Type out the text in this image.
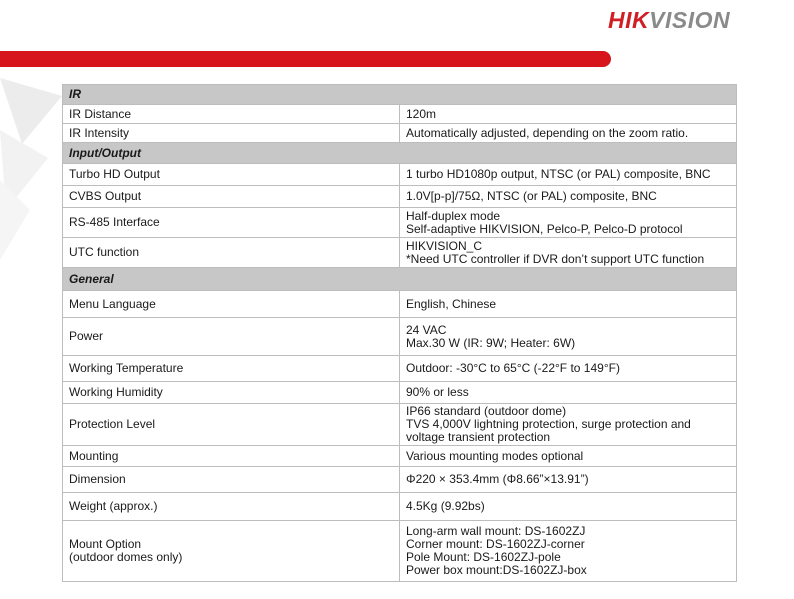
HIKVISION
IR	

IR Distance	120m

IR Intensity	Automatically adjusted, depending on the zoom ratio.

Input/Output	

Turbo HD Output	1 turbo HD1080p output, NTSC (or PAL) composite, BNC

CVBS Output	1.0V[p-p]/75Ω, NTSC (or PAL) composite, BNC

RS-485 Interface	Half-duplex mode
Self-adaptive HIKVISION, Pelco-P, Pelco-D protocol

UTC function	HIKVISION_C
*Need UTC controller if DVR don’t support UTC function

General	

Menu Language	English, Chinese

Power	24 VAC
Max.30 W (IR: 9W; Heater: 6W)

Working Temperature	Outdoor: -30°C to 65°C (-22°F to 149°F)

Working Humidity	90% or less

Protection Level	IP66 standard (outdoor dome)
TVS 4,000V lightning protection, surge protection and voltage transient protection

Mounting	Various mounting modes optional

Dimension	Φ220 × 353.4mm (Φ8.66”×13.91”)

Weight (approx.)	4.5Kg (9.92bs)

Mount Option
(outdoor domes only)	Long-arm wall mount: DS-1602ZJ
Corner mount: DS-1602ZJ-corner
Pole Mount: DS-1602ZJ-pole
Power box mount:DS-1602ZJ-box
